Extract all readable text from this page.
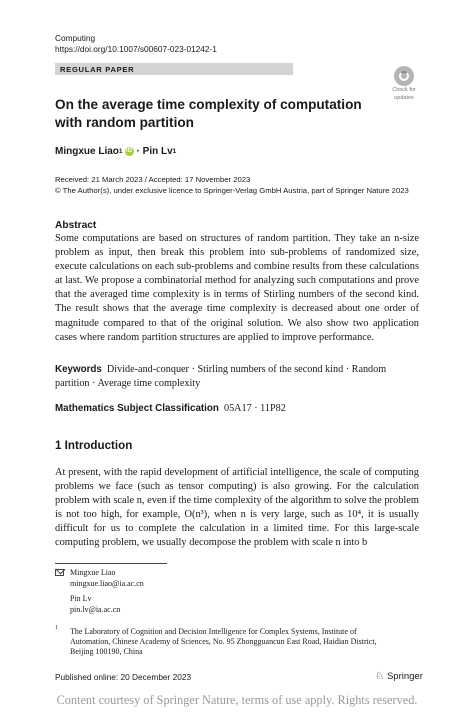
Computing
https://doi.org/10.1007/s00607-023-01242-1
REGULAR PAPER
Check for
updates
On the average time complexity of computation
with random partition
Mingxue Liao 1 iD ·
Pin Lv 1
Received: 21 March 2023 / Accepted: 17 November 2023
© The Author(s), under exclusive licence to Springer-Verlag GmbH Austria, part of Springer Nature 2023
Abstract
Some computations are based on structures of random partition. They take an n-size problem as input, then break this problem into sub-problems of randomized size, execute calculations on each sub-problems and combine results from these calculations at last. We propose a combinatorial method for analyzing such computations and prove that the averaged time complexity is in terms of Stirling numbers of the second kind. The result shows that the average time complexity is decreased about one order of magnitude compared to that of the original solution. We also show two application cases where random partition structures are applied to improve performance.
Keywords Divide-and-conquer · Stirling numbers of the second kind · Random partition · Average time complexity
Mathematics Subject Classification 05A17 · 11P82
1 Introduction
At present, with the rapid development of artificial intelligence, the scale of computing problems we face (such as tensor computing) is also growing. For the calculation problem with scale n, even if the time complexity of the algorithm to solve the problem is not too high, for example, O(n³), when n is very large, such as 10⁴, it is usually difficult for us to complete the calculation in a limited time. For this large-scale computing problem, we usually decompose the problem with scale n into b
Mingxue Liao
mingxue.liao@ia.ac.cn
Pin Lv
pin.lv@ia.ac.cn
1 The Laboratory of Cognition and Decision Intelligence for Complex Systems, Institute of Automation, Chinese Academy of Sciences, No. 95 Zhongguancun East Road, Haidian District, Beijing 100190, China
Published online: 20 December 2023	♘ Springer
Content courtesy of Springer Nature, terms of use apply. Rights reserved.
